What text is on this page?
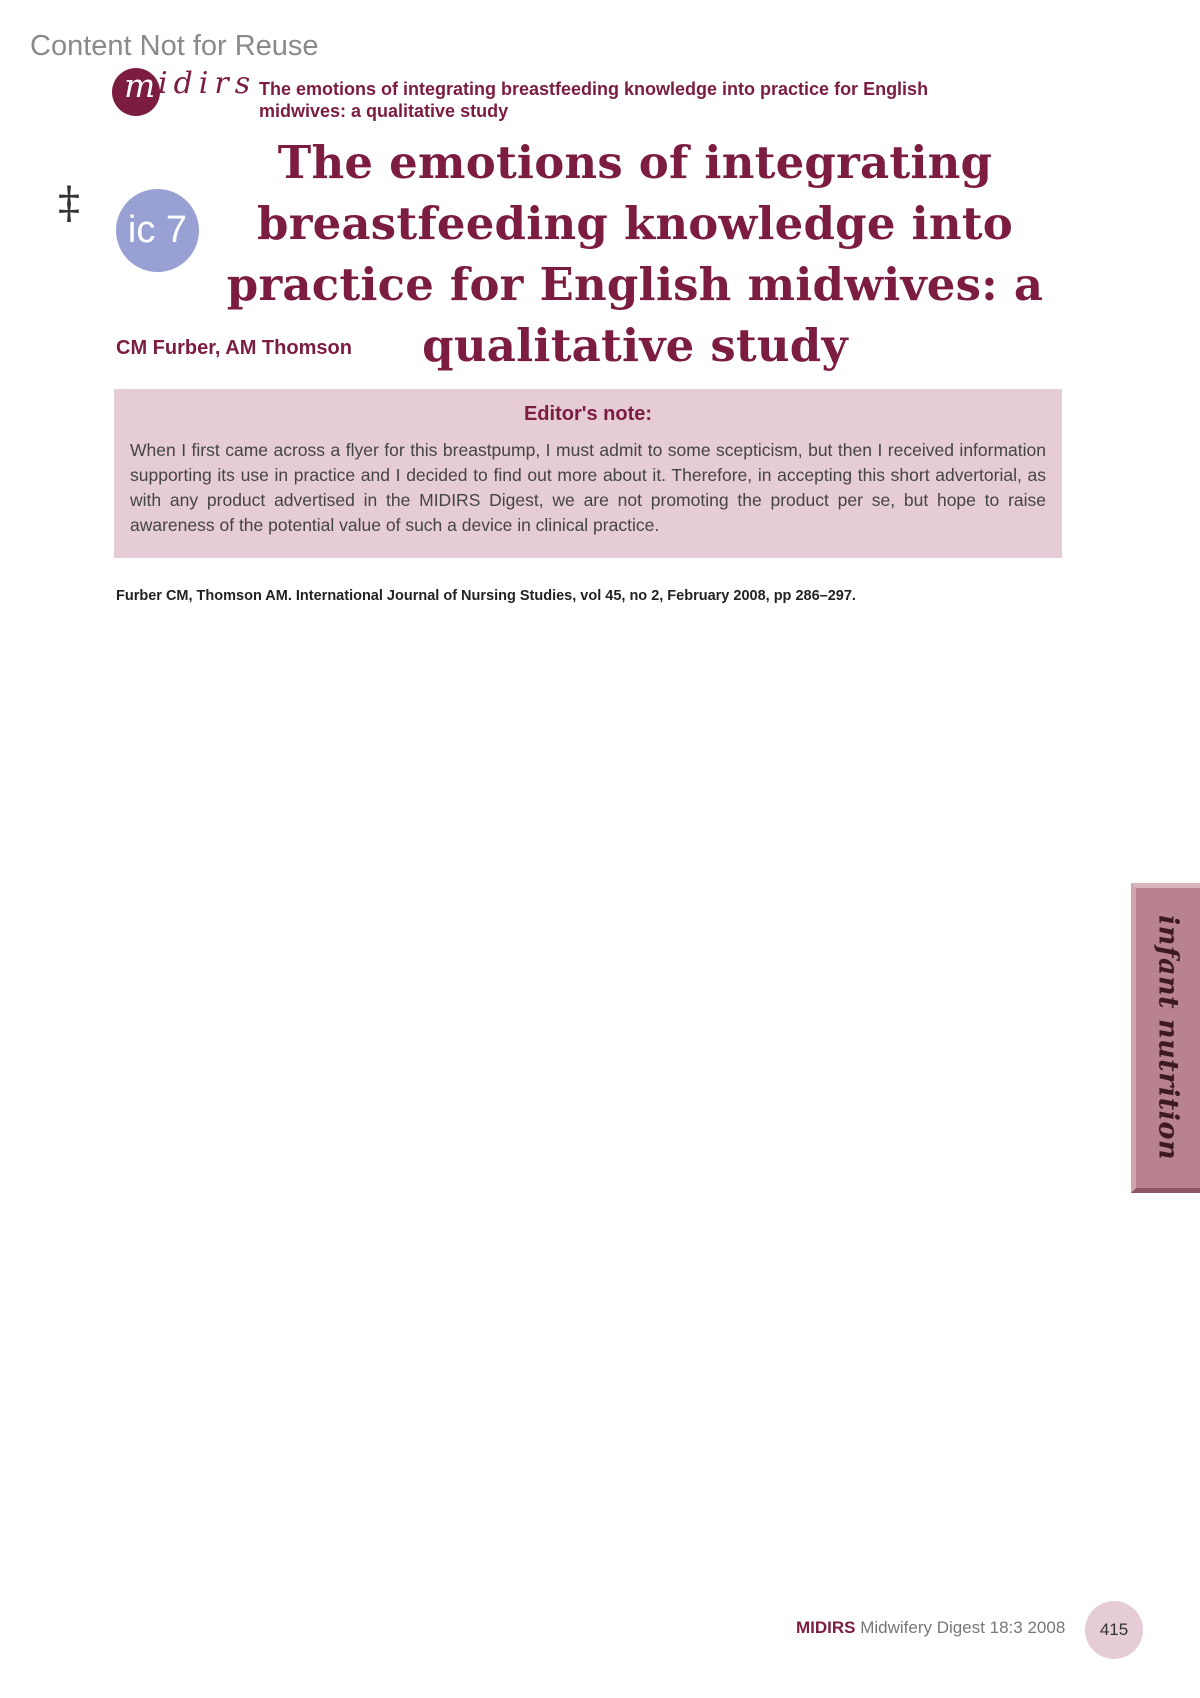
Content Not for Reuse
m idirs The emotions of integrating breastfeeding knowledge into practice for English midwives: a qualitative study
‡
ic 7
The emotions of integrating breastfeeding knowledge into practice for English midwives: a qualitative study
CM Furber, AM Thomson
Editor's note:
When I first came across a flyer for this breastpump, I must admit to some scepticism, but then I received information supporting its use in practice and I decided to find out more about it. Therefore, in accepting this short advertorial, as with any product advertised in the MIDIRS Digest, we are not promoting the product per se, but hope to raise awareness of the potential value of such a device in clinical practice.
Furber CM, Thomson AM. International Journal of Nursing Studies, vol 45, no 2, February 2008, pp 286–297.
infant nutrition
MIDIRS Midwifery Digest 18:3 2008	415
